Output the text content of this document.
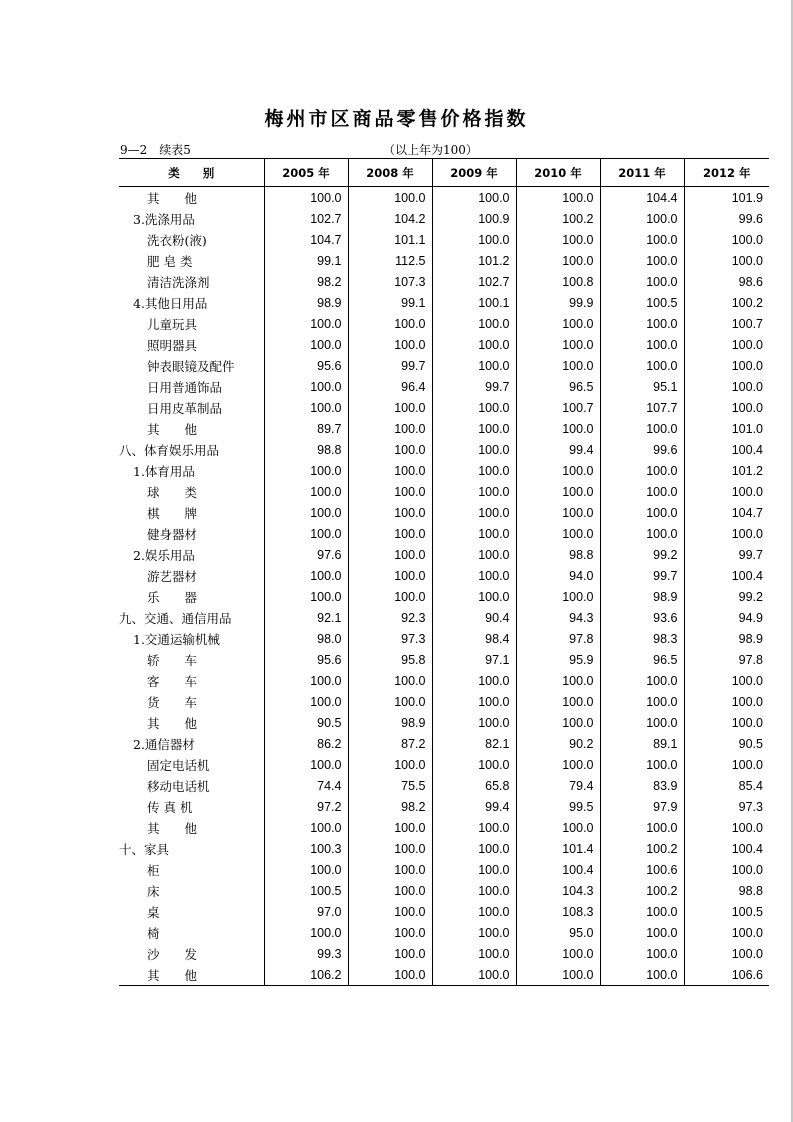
梅州市区商品零售价格指数
9—2　续表5	（以上年为100）
类　　别	2005 年	2008 年	2009 年	2010 年	2011 年	2012 年
其　　他	100.0	100.0	100.0	100.0	104.4	101.9
3.洗涤用品	102.7	104.2	100.9	100.2	100.0	99.6
洗衣粉(液)	104.7	101.1	100.0	100.0	100.0	100.0
肥 皂 类	99.1	112.5	101.2	100.0	100.0	100.0
清洁洗涤剂	98.2	107.3	102.7	100.8	100.0	98.6
4.其他日用品	98.9	99.1	100.1	99.9	100.5	100.2
儿童玩具	100.0	100.0	100.0	100.0	100.0	100.7
照明器具	100.0	100.0	100.0	100.0	100.0	100.0
钟表眼镜及配件	95.6	99.7	100.0	100.0	100.0	100.0
日用普通饰品	100.0	96.4	99.7	96.5	95.1	100.0
日用皮革制品	100.0	100.0	100.0	100.7	107.7	100.0
其　　他	89.7	100.0	100.0	100.0	100.0	101.0
八、体育娱乐用品	98.8	100.0	100.0	99.4	99.6	100.4
1.体育用品	100.0	100.0	100.0	100.0	100.0	101.2
球　　类	100.0	100.0	100.0	100.0	100.0	100.0
棋　　牌	100.0	100.0	100.0	100.0	100.0	104.7
健身器材	100.0	100.0	100.0	100.0	100.0	100.0
2.娱乐用品	97.6	100.0	100.0	98.8	99.2	99.7
游艺器材	100.0	100.0	100.0	94.0	99.7	100.4
乐　　器	100.0	100.0	100.0	100.0	98.9	99.2
九、交通、通信用品	92.1	92.3	90.4	94.3	93.6	94.9
1.交通运输机械	98.0	97.3	98.4	97.8	98.3	98.9
轿　　车	95.6	95.8	97.1	95.9	96.5	97.8
客　　车	100.0	100.0	100.0	100.0	100.0	100.0
货　　车	100.0	100.0	100.0	100.0	100.0	100.0
其　　他	90.5	98.9	100.0	100.0	100.0	100.0
2.通信器材	86.2	87.2	82.1	90.2	89.1	90.5
固定电话机	100.0	100.0	100.0	100.0	100.0	100.0
移动电话机	74.4	75.5	65.8	79.4	83.9	85.4
传 真 机	97.2	98.2	99.4	99.5	97.9	97.3
其　　他	100.0	100.0	100.0	100.0	100.0	100.0
十、家具	100.3	100.0	100.0	101.4	100.2	100.4
柜	100.0	100.0	100.0	100.4	100.6	100.0
床	100.5	100.0	100.0	104.3	100.2	98.8
桌	97.0	100.0	100.0	108.3	100.0	100.5
椅	100.0	100.0	100.0	95.0	100.0	100.0
沙　　发	99.3	100.0	100.0	100.0	100.0	100.0
其　　他	106.2	100.0	100.0	100.0	100.0	106.6
